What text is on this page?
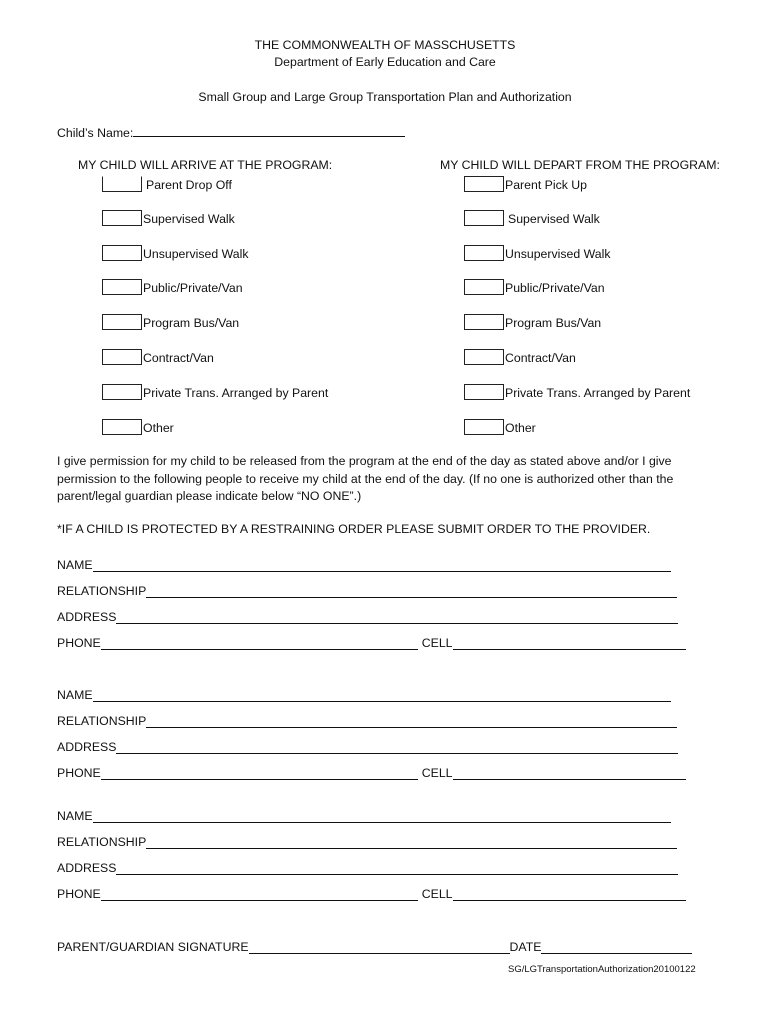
THE COMMONWEALTH OF MASSCHUSETTS
Department of Early Education and Care
Small Group and Large Group Transportation Plan and Authorization
Child’s Name:
MY CHILD WILL ARRIVE AT THE PROGRAM:	MY CHILD WILL DEPART FROM THE PROGRAM:
Parent Drop Off
Supervised Walk
Unsupervised Walk
Public/Private/Van
Program Bus/Van
Contract/Van
Private Trans. Arranged by Parent
Other
Parent Pick Up
Supervised Walk
Unsupervised Walk
Public/Private/Van
Program Bus/Van
Contract/Van
Private Trans. Arranged by Parent
Other
I give permission for my child to be released from the program at the end of the day as stated above and/or I give permission to the following people to receive my child at the end of the day. (If no one is authorized other than the parent/legal guardian please indicate below “NO ONE”.)
*IF A CHILD IS PROTECTED BY A RESTRAINING ORDER PLEASE SUBMIT ORDER TO THE PROVIDER.
NAME
RELATIONSHIP
ADDRESS
PHONE	CELL
NAME
RELATIONSHIP
ADDRESS
PHONE	CELL
NAME
RELATIONSHIP
ADDRESS
PHONE	CELL
PARENT/GUARDIAN SIGNATURE	DATE
SG/LGTransportationAuthorization20100122
